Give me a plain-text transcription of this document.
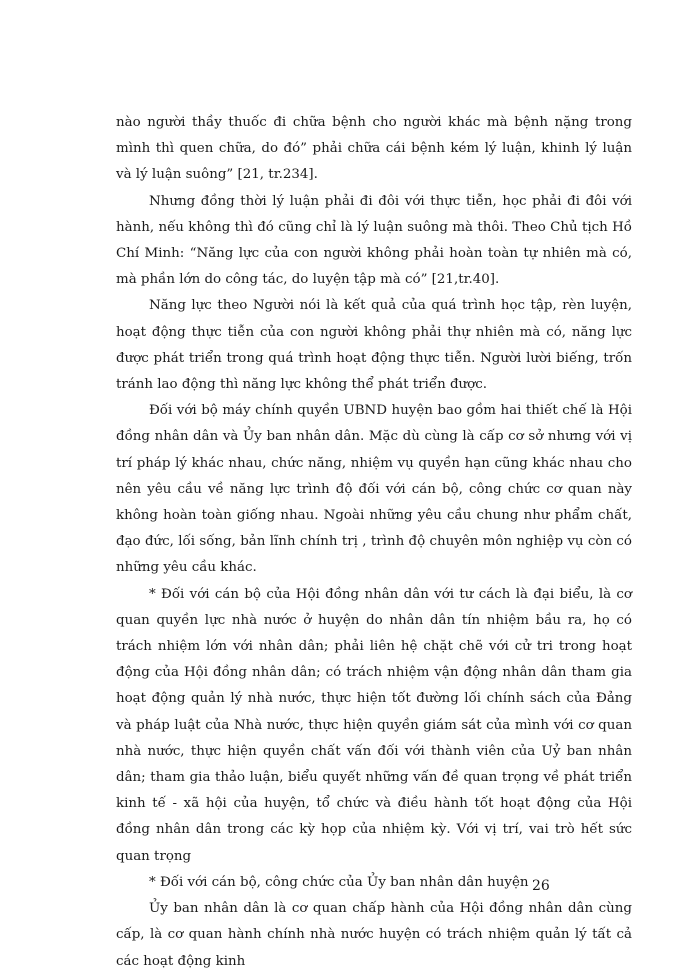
nào người thầy thuốc đi chữa bệnh cho người khác mà bệnh nặng trong mình thì quen chữa, do đó” phải chữa cái bệnh kém lý luận, khinh lý luận và lý luận suông” [21, tr.234].

Nhưng đồng thời lý luận phải đi đôi với thực tiễn, học phải đi đôi với hành, nếu không thì đó cũng chỉ là lý luận suông mà thôi. Theo Chủ tịch Hồ Chí Minh: “Năng lực của con người không phải hoàn toàn tự nhiên mà có, mà phần lớn do công tác, do luyện tập mà có” [21,tr.40].

Năng lực theo Người nói là kết quả của quá trình học tập, rèn luyện, hoạt động thực tiễn của con người không phải thự nhiên mà có, năng lực được phát triển trong quá trình hoạt động thực tiễn. Người lười biếng, trốn tránh lao động thì năng lực không thể phát triển được.

Đối với bộ máy chính quyền UBND huyện bao gồm hai thiết chế là Hội đồng nhân dân và Ủy ban nhân dân. Mặc dù cùng là cấp cơ sở nhưng với vị trí pháp lý khác nhau, chức năng, nhiệm vụ quyền hạn cũng khác nhau cho nên yêu cầu về năng lực trình độ đối với cán bộ, công chức cơ quan này không hoàn toàn giống nhau. Ngoài những yêu cầu chung như phẩm chất, đạo đức, lối sống, bản lĩnh chính trị , trình độ chuyên môn nghiệp vụ còn có những yêu cầu khác.

* Đối với cán bộ của Hội đồng nhân dân với tư cách là đại biểu, là cơ quan quyền lực nhà nước ở huyện do nhân dân tín nhiệm bầu ra, họ có trách nhiệm lớn với nhân dân; phải liên hệ chặt chẽ với cử tri trong hoạt động của Hội đồng nhân dân; có trách nhiệm vận động nhân dân tham gia hoạt động quản lý nhà nước, thực hiện tốt đường lối chính sách của Đảng và pháp luật của Nhà nước, thực hiện quyền giám sát của mình với cơ quan nhà nước, thực hiện quyền chất vấn đối với thành viên của Uỷ ban nhân dân; tham gia thảo luận, biểu quyết những vấn đề quan trọng về phát triển kinh tế - xã hội của huyện, tổ chức và điều hành tốt hoạt động của Hội đồng nhân dân trong các kỳ họp của nhiệm kỳ. Với vị trí, vai trò hết sức quan trọng

* Đối với cán bộ, công chức của Ủy ban nhân dân huyện

Ủy ban nhân dân là cơ quan chấp hành của Hội đồng nhân dân cùng cấp, là cơ quan hành chính nhà nước huyện có trách nhiệm quản lý tất cả các hoạt động kinh

26
